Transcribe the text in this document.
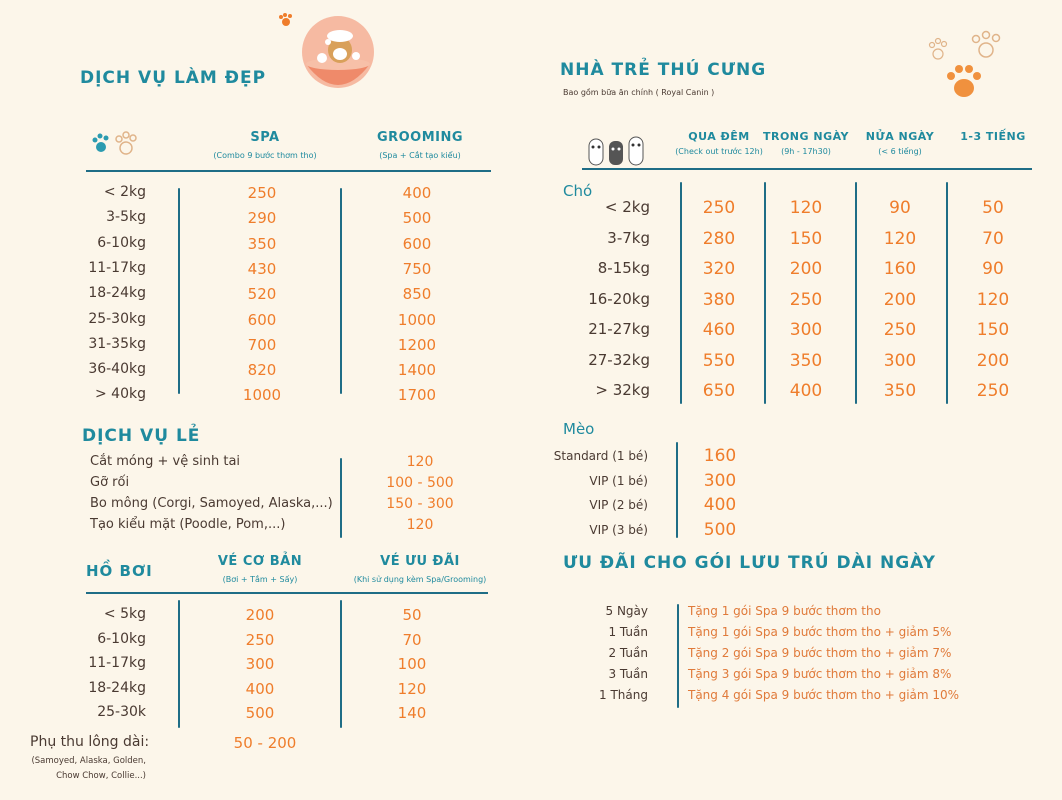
DỊCH VỤ LÀM ĐẸP
SPA
(Combo 9 bước thơm tho)
GROOMING
(Spa + Cắt tạo kiểu)
< 2kg	250	400
3-5kg	290	500
6-10kg	350	600
11-17kg	430	750
18-24kg	520	850
25-30kg	600	1000
31-35kg	700	1200
36-40kg	820	1400
> 40kg	1000	1700
DỊCH VỤ LẺ
Cắt móng + vệ sinh tai	120
Gỡ rối	100 - 500
Bo mông (Corgi, Samoyed, Alaska,...)	150 - 300
Tạo kiểu mặt (Poodle, Pom,...)	120
HỒ BƠI
VÉ CƠ BẢN
(Bơi + Tắm + Sấy)
VÉ ƯU ĐÃI
(Khi sử dụng kèm Spa/Grooming)
< 5kg	200	50
6-10kg	250	70
11-17kg	300	100
18-24kg	400	120
25-30k	500	140
Phụ thu lông dài:
(Samoyed, Alaska, Golden,
Chow Chow, Collie...)
50 - 200
NHÀ TRẺ THÚ CƯNG
Bao gồm bữa ăn chính ( Royal Canin )
QUA ĐÊM
(Check out trước 12h)
TRONG NGÀY
(9h - 17h30)
NỬA NGÀY
(< 6 tiếng)
1-3 TIẾNG
Chó
< 2kg	250	120	90	50
3-7kg	280	150	120	70
8-15kg	320	200	160	90
16-20kg	380	250	200	120
21-27kg	460	300	250	150
27-32kg	550	350	300	200
> 32kg	650	400	350	250
Mèo
Standard (1 bé)	160
VIP (1 bé)	300
VIP (2 bé)	400
VIP (3 bé)	500
ƯU ĐÃI CHO GÓI LƯU TRÚ DÀI NGÀY
5 Ngày	Tặng 1 gói Spa 9 bước thơm tho
1 Tuần	Tặng 1 gói Spa 9 bước thơm tho + giảm 5%
2 Tuần	Tặng 2 gói Spa 9 bước thơm tho + giảm 7%
3 Tuần	Tặng 3 gói Spa 9 bước thơm tho + giảm 8%
1 Tháng	Tặng 4 gói Spa 9 bước thơm tho + giảm 10%
